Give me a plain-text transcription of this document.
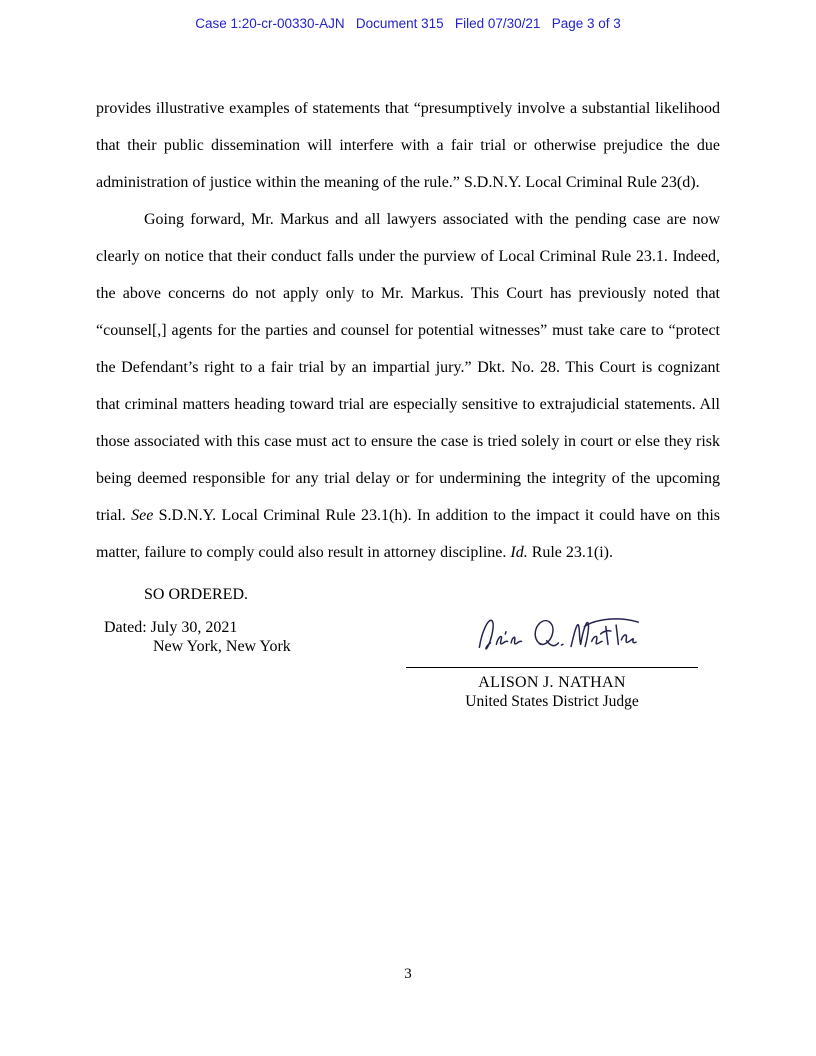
Case 1:20-cr-00330-AJN   Document 315   Filed 07/30/21   Page 3 of 3

provides illustrative examples of statements that “presumptively involve a substantial likelihood that their public dissemination will interfere with a fair trial or otherwise prejudice the due administration of justice within the meaning of the rule.” S.D.N.Y. Local Criminal Rule 23(d).

Going forward, Mr. Markus and all lawyers associated with the pending case are now clearly on notice that their conduct falls under the purview of Local Criminal Rule 23.1. Indeed, the above concerns do not apply only to Mr. Markus. This Court has previously noted that “counsel[,] agents for the parties and counsel for potential witnesses” must take care to “protect the Defendant’s right to a fair trial by an impartial jury.” Dkt. No. 28. This Court is cognizant that criminal matters heading toward trial are especially sensitive to extrajudicial statements. All those associated with this case must act to ensure the case is tried solely in court or else they risk being deemed responsible for any trial delay or for undermining the integrity of the upcoming trial. See S.D.N.Y. Local Criminal Rule 23.1(h). In addition to the impact it could have on this matter, failure to comply could also result in attorney discipline. Id. Rule 23.1(i).

SO ORDERED.

Dated: July 30, 2021
New York, New York
ALISON J. NATHAN
United States District Judge
3
